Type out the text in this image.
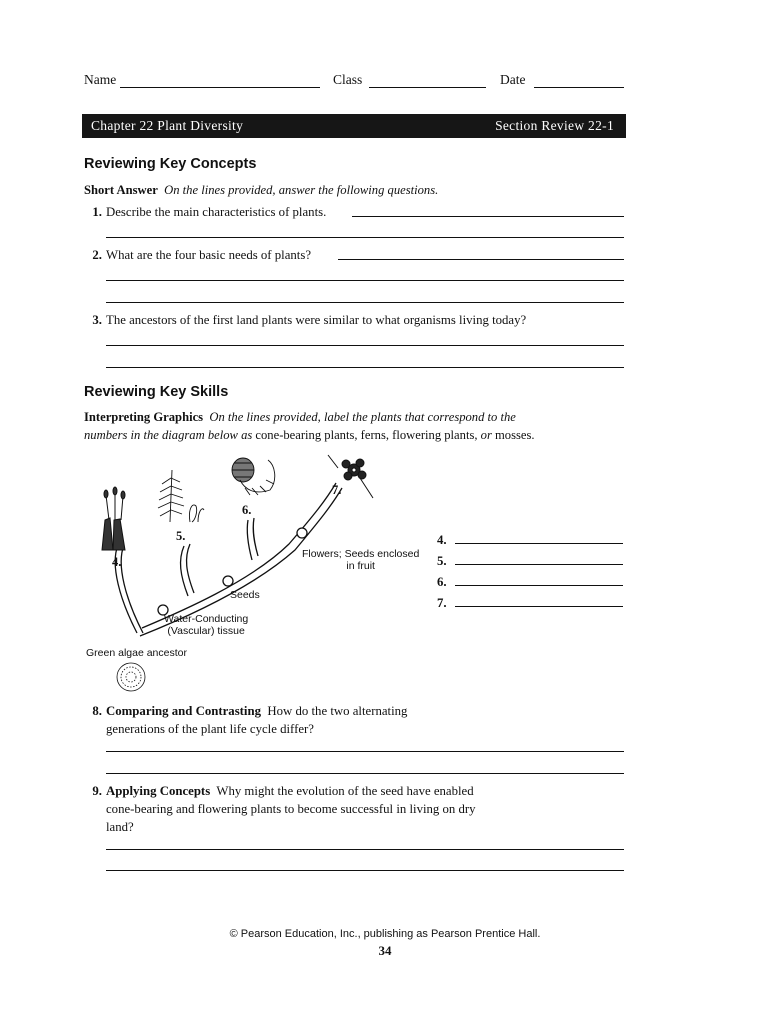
Name	Class	Date
Chapter 22 Plant Diversity	Section Review 22-1
Reviewing Key Concepts
Short Answer On the lines provided, answer the following questions.
1. Describe the main characteristics of plants.
2. What are the four basic needs of plants?
3. The ancestors of the first land plants were similar to what organisms living today?
Reviewing Key Skills
Interpreting Graphics On the lines provided, label the plants that correspond to the
numbers in the diagram below as cone-bearing plants, ferns, flowering plants, or mosses.
4.
5.
6.
7.
Seeds
Flowers; Seeds enclosed
in fruit
Water-Conducting
(Vascular) tissue
Green algae ancestor
4.
5.
6.
7.
8. Comparing and Contrasting How do the two alternating generations of the plant life cycle differ?
9. Applying Concepts Why might the evolution of the seed have enabled cone-bearing and flowering plants to become successful in living on dry land?
© Pearson Education, Inc., publishing as Pearson Prentice Hall.
34
